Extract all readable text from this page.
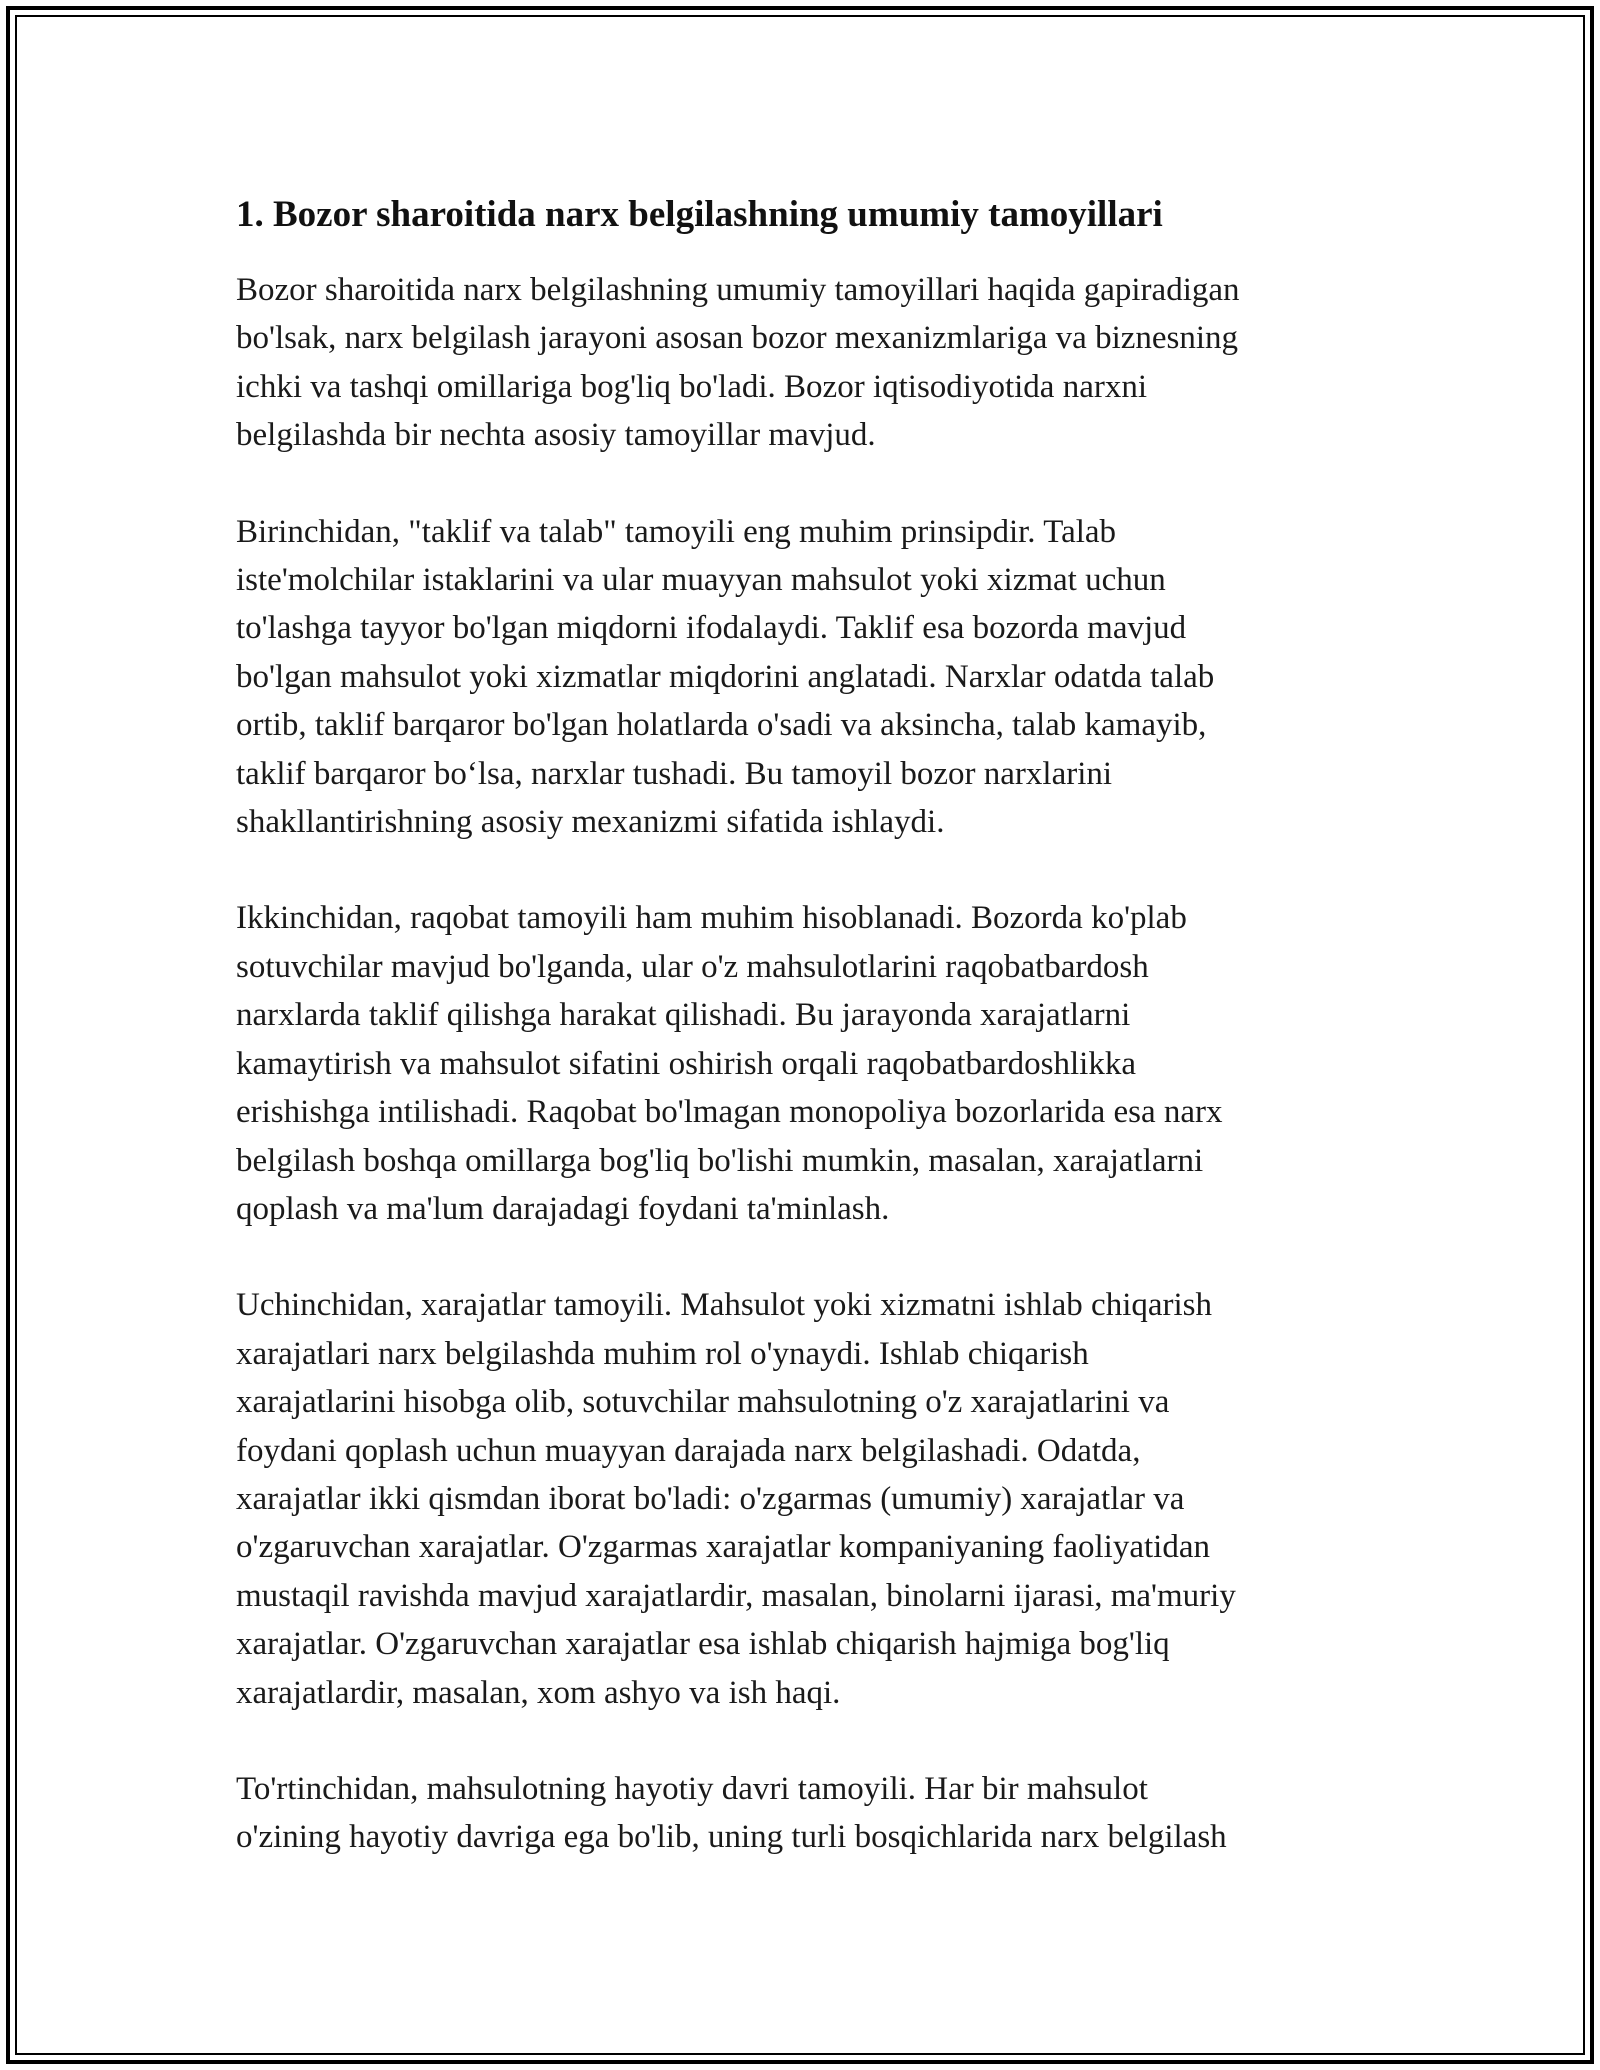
1. Bozor sharoitida narx belgilashning umumiy tamoyillari

Bozor sharoitida narx belgilashning umumiy tamoyillari haqida gapiradigan
bo'lsak, narx belgilash jarayoni asosan bozor mexanizmlariga va biznesning
ichki va tashqi omillariga bog'liq bo'ladi. Bozor iqtisodiyotida narxni
belgilashda bir nechta asosiy tamoyillar mavjud.

Birinchidan, "taklif va talab" tamoyili eng muhim prinsipdir. Talab
iste'molchilar istaklarini va ular muayyan mahsulot yoki xizmat uchun
to'lashga tayyor bo'lgan miqdorni ifodalaydi. Taklif esa bozorda mavjud
bo'lgan mahsulot yoki xizmatlar miqdorini anglatadi. Narxlar odatda talab
ortib, taklif barqaror bo'lgan holatlarda o'sadi va aksincha, talab kamayib,
taklif barqaror bo‘lsa, narxlar tushadi. Bu tamoyil bozor narxlarini
shakllantirishning asosiy mexanizmi sifatida ishlaydi.

Ikkinchidan, raqobat tamoyili ham muhim hisoblanadi. Bozorda ko'plab
sotuvchilar mavjud bo'lganda, ular o'z mahsulotlarini raqobatbardosh
narxlarda taklif qilishga harakat qilishadi. Bu jarayonda xarajatlarni
kamaytirish va mahsulot sifatini oshirish orqali raqobatbardoshlikka
erishishga intilishadi. Raqobat bo'lmagan monopoliya bozorlarida esa narx
belgilash boshqa omillarga bog'liq bo'lishi mumkin, masalan, xarajatlarni
qoplash va ma'lum darajadagi foydani ta'minlash.

Uchinchidan, xarajatlar tamoyili. Mahsulot yoki xizmatni ishlab chiqarish
xarajatlari narx belgilashda muhim rol o'ynaydi. Ishlab chiqarish
xarajatlarini hisobga olib, sotuvchilar mahsulotning o'z xarajatlarini va
foydani qoplash uchun muayyan darajada narx belgilashadi. Odatda,
xarajatlar ikki qismdan iborat bo'ladi: o'zgarmas (umumiy) xarajatlar va
o'zgaruvchan xarajatlar. O'zgarmas xarajatlar kompaniyaning faoliyatidan
mustaqil ravishda mavjud xarajatlardir, masalan, binolarni ijarasi, ma'muriy
xarajatlar. O'zgaruvchan xarajatlar esa ishlab chiqarish hajmiga bog'liq
xarajatlardir, masalan, xom ashyo va ish haqi.

To'rtinchidan, mahsulotning hayotiy davri tamoyili. Har bir mahsulot
o'zining hayotiy davriga ega bo'lib, uning turli bosqichlarida narx belgilash
